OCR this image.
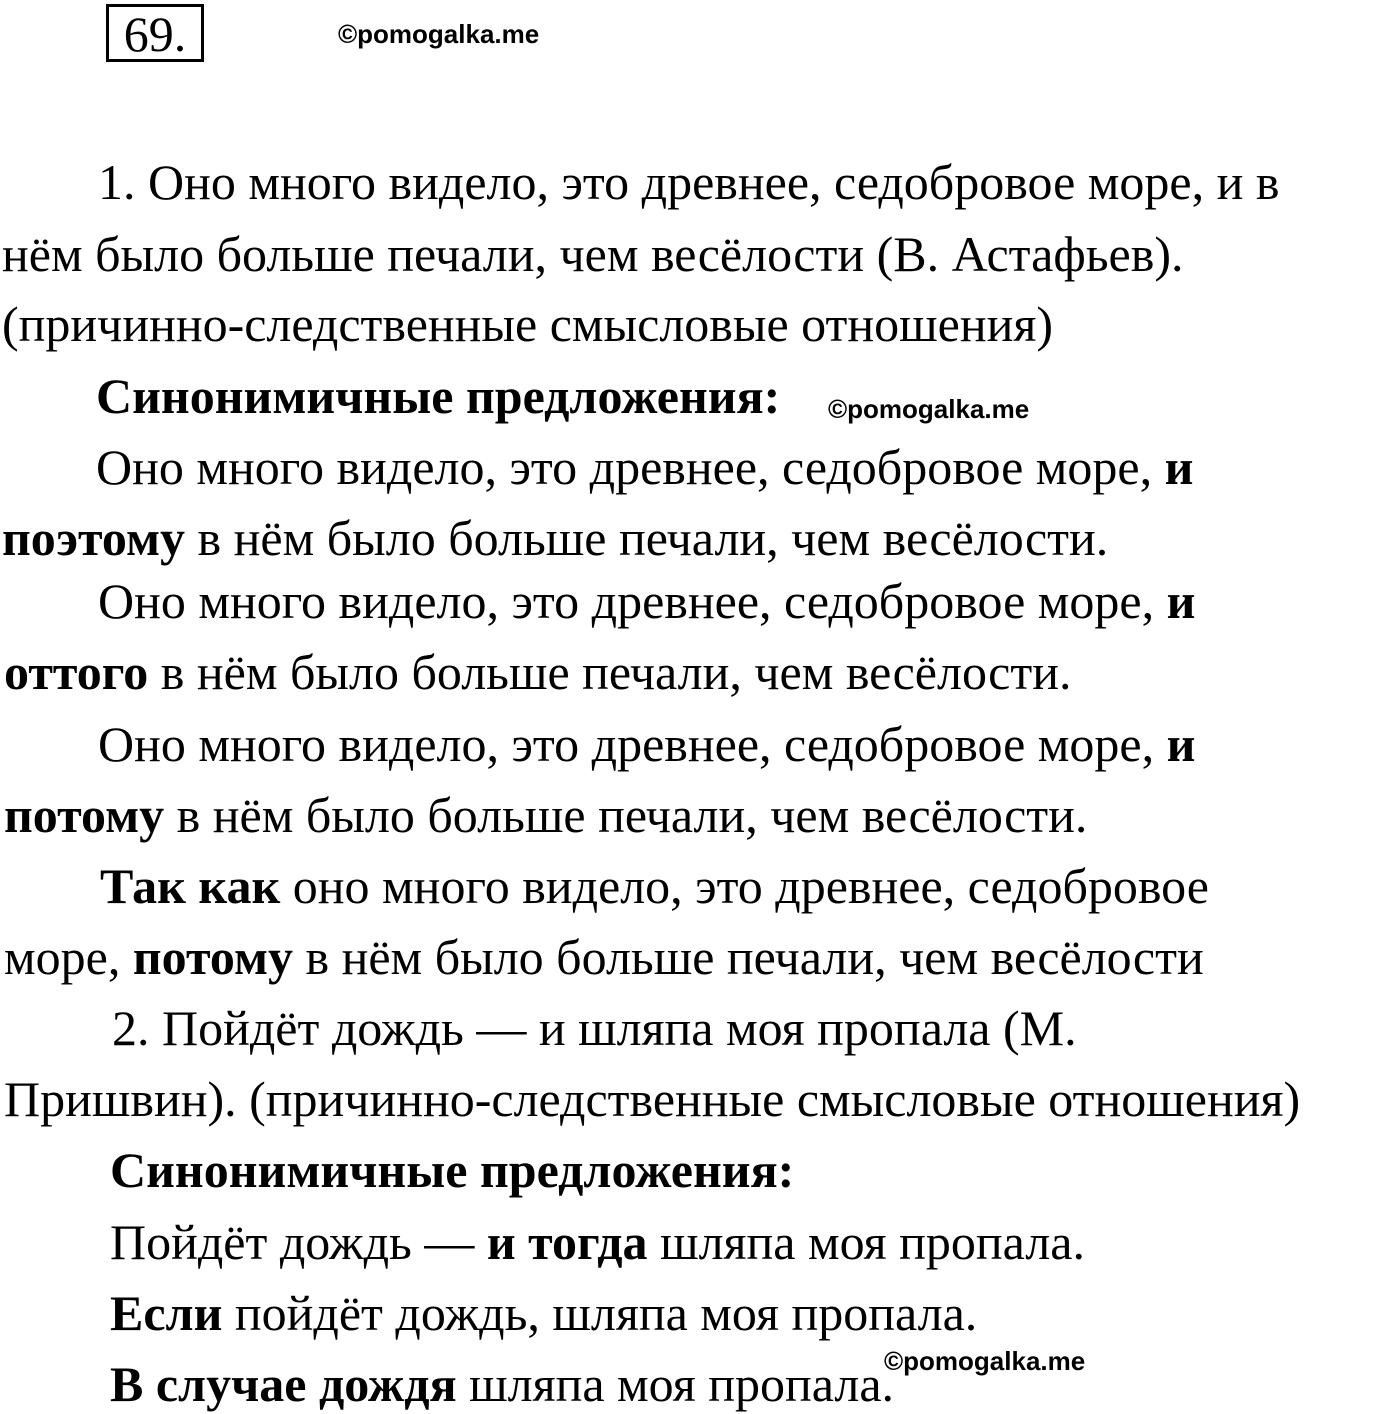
69.	©pomogalka.me
1. Оно много видело, это древнее, седобровое море, и в
нём было больше печали, чем весёлости (В. Астафьев).
(причинно-следственные смысловые отношения)
Синонимичные предложения: ©pomogalka.me
Оно много видело, это древнее, седобровое море, и
поэтому в нём было больше печали, чем весёлости.
Оно много видело, это древнее, седобровое море, и
оттого в нём было больше печали, чем весёлости.
Оно много видело, это древнее, седобровое море, и
потому в нём было больше печали, чем весёлости.
Так как оно много видело, это древнее, седобровое
море, потому в нём было больше печали, чем весёлости
2. Пойдёт дождь — и шляпа моя пропала (М.
Пришвин). (причинно-следственные смысловые отношения)
Синонимичные предложения:
Пойдёт дождь — и тогда шляпа моя пропала.
Если пойдёт дождь, шляпа моя пропала.
В случае дождя шляпа моя пропала.
©pomogalka.me
